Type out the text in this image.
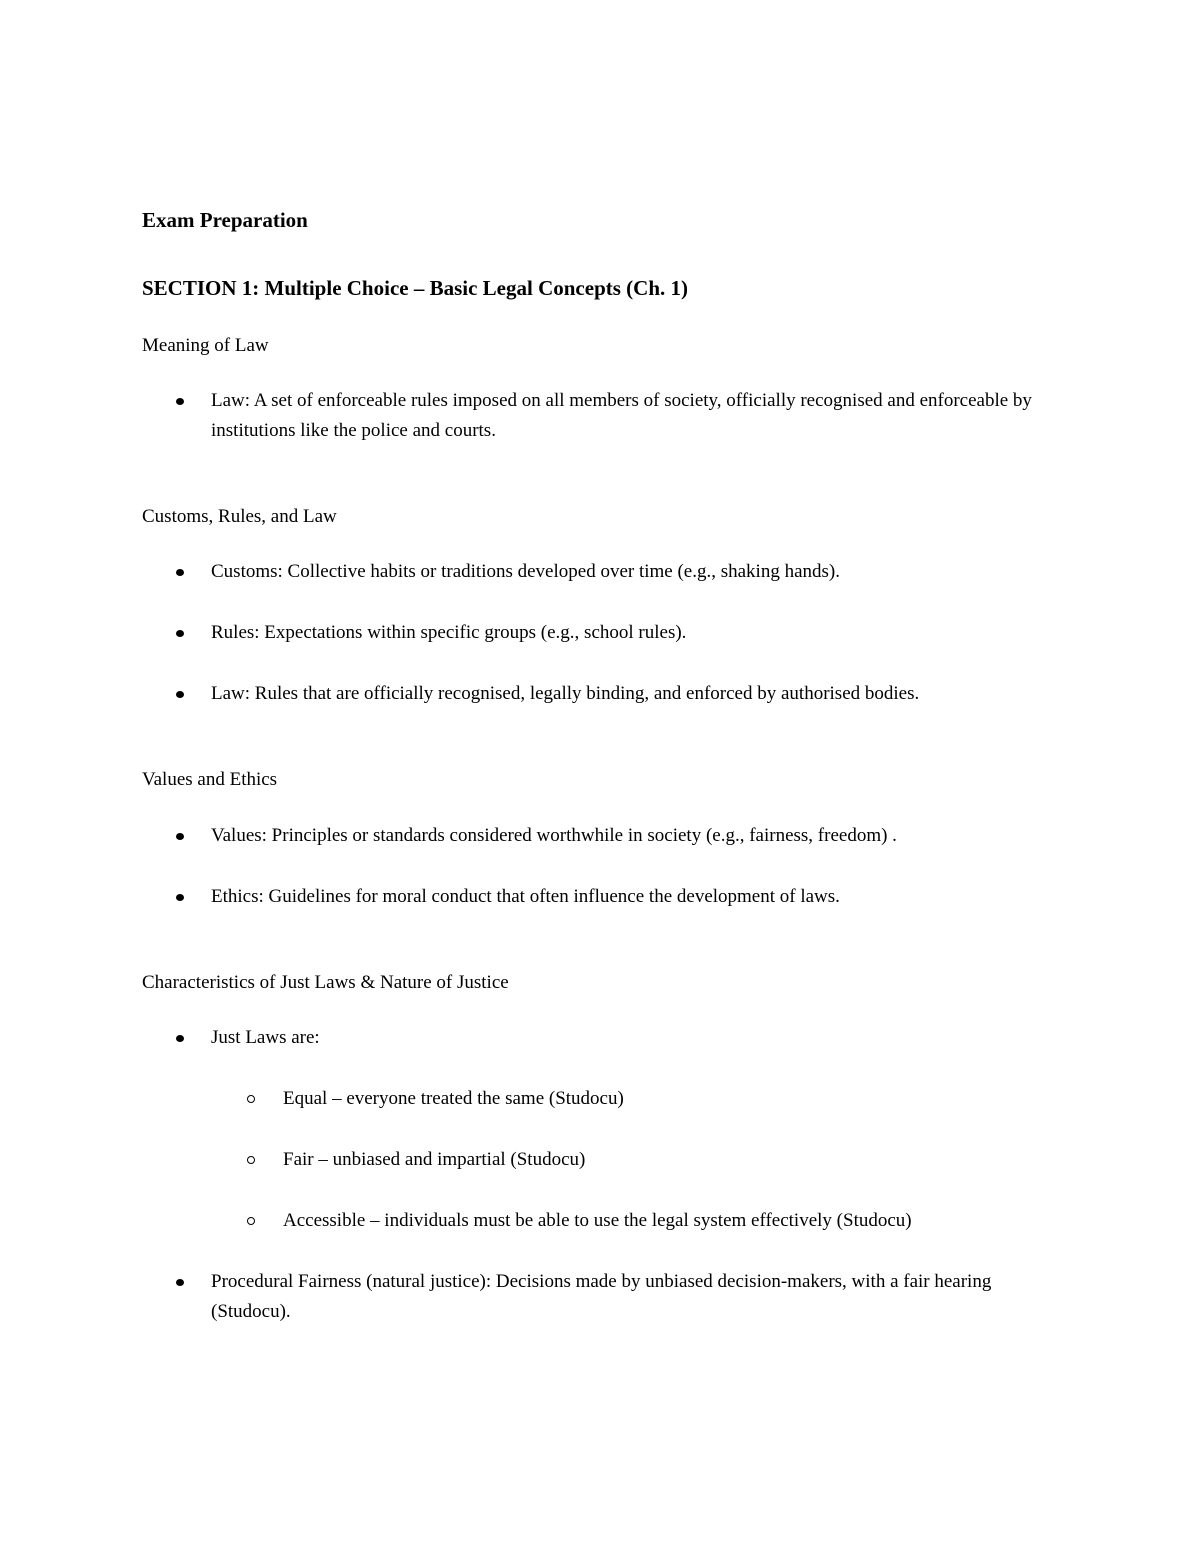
Exam Preparation
SECTION 1: Multiple Choice – Basic Legal Concepts (Ch. 1)
Meaning of Law
Law: A set of enforceable rules imposed on all members of society, officially recognised and enforceable by institutions like the police and courts.
Customs, Rules, and Law
Customs: Collective habits or traditions developed over time (e.g., shaking hands).
Rules: Expectations within specific groups (e.g., school rules).
Law: Rules that are officially recognised, legally binding, and enforced by authorised bodies.
Values and Ethics
Values: Principles or standards considered worthwhile in society (e.g., fairness, freedom) .
Ethics: Guidelines for moral conduct that often influence the development of laws.
Characteristics of Just Laws & Nature of Justice
Just Laws are:
Equal – everyone treated the same (Studocu)
Fair – unbiased and impartial (Studocu)
Accessible – individuals must be able to use the legal system effectively (Studocu)
Procedural Fairness (natural justice): Decisions made by unbiased decision-makers, with a fair hearing (Studocu).
